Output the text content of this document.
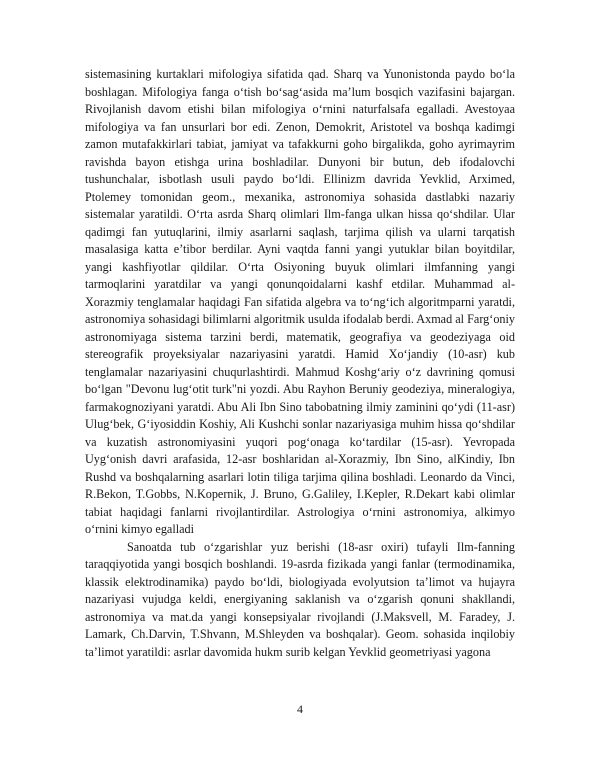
sistemasining kurtaklari mifologiya sifatida qad. Sharq va Yunonistonda paydo bo‘la boshlagan. Mifologiya fanga o‘tish bo‘sag‘asida ma’lum bosqich vazifasini bajargan. Rivojlanish davom etishi bilan mifologiya o‘rnini naturfalsafa egalladi. Avestoyaa mifologiya va fan unsurlari bor edi. Zenon, Demokrit, Aristotel va boshqa kadimgi zamon mutafakkirlari tabiat, jamiyat va tafakkurni goho birgalikda, goho ayrimayrim ravishda bayon etishga urina boshladilar. Dunyoni bir butun, deb ifodalovchi tushunchalar, isbotlash usuli paydo bo‘ldi. Ellinizm davrida Yevklid, Arximed, Ptolemey tomonidan geom., mexanika, astronomiya sohasida dastlabki nazariy sistemalar yaratildi. O‘rta asrda Sharq olimlari Ilm-fanga ulkan hissa qo‘shdilar. Ular qadimgi fan yutuqlarini, ilmiy asarlarni saqlash, tarjima qilish va ularni tarqatish masalasiga katta e’tibor berdilar. Ayni vaqtda fanni yangi yutuklar bilan boyitdilar, yangi kashfiyotlar qildilar. O‘rta Osiyoning buyuk olimlari ilmfanning yangi tarmoqlarini yaratdilar va yangi qonunqoidalarni kashf etdilar. Muhammad al-Xorazmiy tenglamalar haqidagi Fan sifatida algebra va to‘ng‘ich algoritmparni yaratdi, astronomiya sohasidagi bilimlarni algoritmik usulda ifodalab berdi. Axmad al Farg‘oniy astronomiyaga sistema tarzini berdi, matematik, geografiya va geodeziyaga oid stereografik proyeksiyalar nazariyasini yaratdi. Hamid Xo‘jandiy (10-asr) kub tenglamalar nazariyasini chuqurlashtirdi. Mahmud Koshg‘ariy o‘z davrining qomusi bo‘lgan "Devonu lug‘otit turk"ni yozdi. Abu Rayhon Beruniy geodeziya, mineralogiya, farmakognoziyani yaratdi. Abu Ali Ibn Sino tabobatning ilmiy zaminini qo‘ydi (11-asr) Ulug‘bek, G‘iyosiddin Koshiy, Ali Kushchi sonlar nazariyasiga muhim hissa qo‘shdilar va kuzatish astronomiyasini yuqori pog‘onaga ko‘tardilar (15-asr). Yevropada Uyg‘onish davri arafasida, 12-asr boshlaridan al-Xorazmiy, Ibn Sino, alKindiy, Ibn Rushd va boshqalarning asarlari lotin tiliga tarjima qilina boshladi. Leonardo da Vinci, R.Bekon, T.Gobbs, N.Kopernik, J. Bruno, G.Galiley, I.Kepler, R.Dekart kabi olimlar tabiat haqidagi fanlarni rivojlantirdilar. Astrologiya o‘rnini astronomiya, alkimyo o‘rnini kimyo egalladi

Sanoatda tub o‘zgarishlar yuz berishi (18-asr oxiri) tufayli Ilm-fanning taraqqiyotida yangi bosqich boshlandi. 19-asrda fizikada yangi fanlar (termodinamika, klassik elektrodinamika) paydo bo‘ldi, biologiyada evolyutsion ta’limot va hujayra nazariyasi vujudga keldi, energiyaning saklanish va o‘zgarish qonuni shakllandi, astronomiya va mat.da yangi konsepsiyalar rivojlandi (J.Maksvell, M. Faradey, J. Lamark, Ch.Darvin, T.Shvann, M.Shleyden va boshqalar). Geom. sohasida inqilobiy ta’limot yaratildi: asrlar davomida hukm surib kelgan Yevklid geometriyasi yagona

4
